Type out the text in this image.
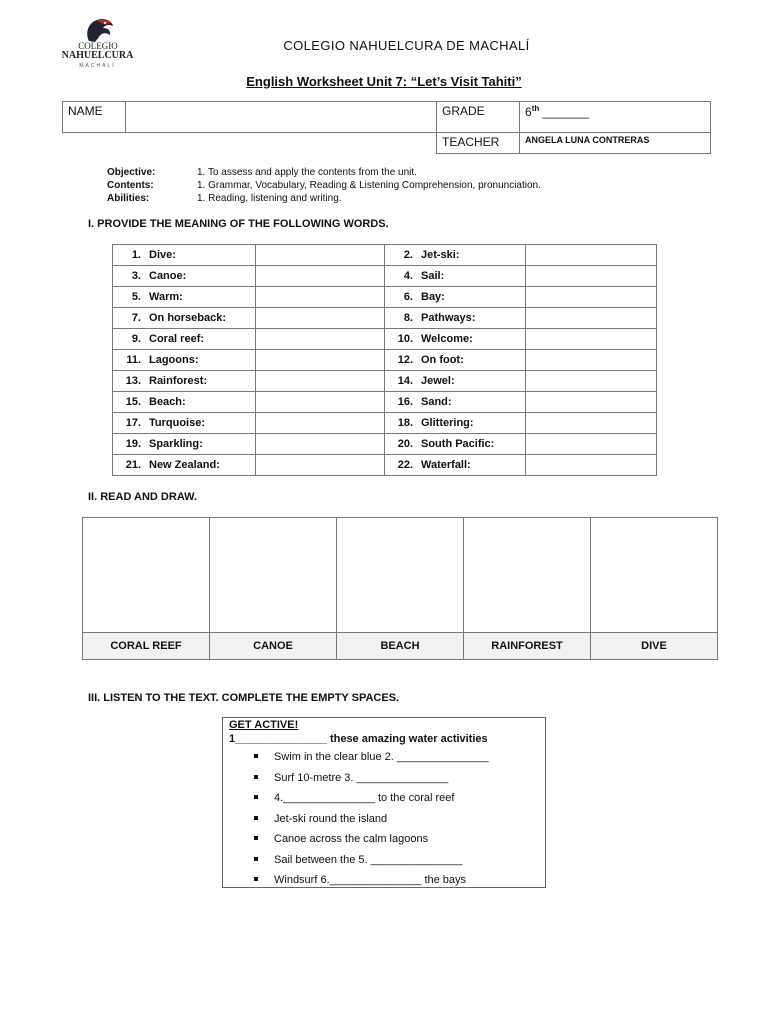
COLEGIO
NAHUELCURA
MACHALÍ
COLEGIO NAHUELCURA DE MACHALÍ
English Worksheet Unit 7: “Let’s Visit Tahiti”
NAME		GRADE	6th _______
		TEACHER	ANGELA LUNA CONTRERAS
Objective:	1. To assess and apply the contents from the unit.
Contents:	1. Grammar, Vocabulary, Reading & Listening Comprehension, pronunciation.
Abilities:	1. Reading, listening and writing.
I. PROVIDE THE MEANING OF THE FOLLOWING WORDS.
1. Dive:		2. Jet-ski:	
3. Canoe:		4. Sail:	
5. Warm:		6. Bay:	
7. On horseback:		8. Pathways:	
9. Coral reef:		10. Welcome:	
11. Lagoons:		12. On foot:	
13. Rainforest:		14. Jewel:	
15. Beach:		16. Sand:	
17. Turquoise:		18. Glittering:	
19. Sparkling:		20. South Pacific:	
21. New Zealand:		22. Waterfall:	
II. READ AND DRAW.

CORAL REEF	CANOE	BEACH	RAINFOREST	DIVE
III. LISTEN TO THE TEXT. COMPLETE THE EMPTY SPACES.
GET ACTIVE!
1_______________ these amazing water activities
Swim in the clear blue 2. _______________
Surf 10-metre 3. _______________
4._______________ to the coral reef
Jet-ski round the island
Canoe across the calm lagoons
Sail between the 5. _______________
Windsurf 6._______________ the bays
